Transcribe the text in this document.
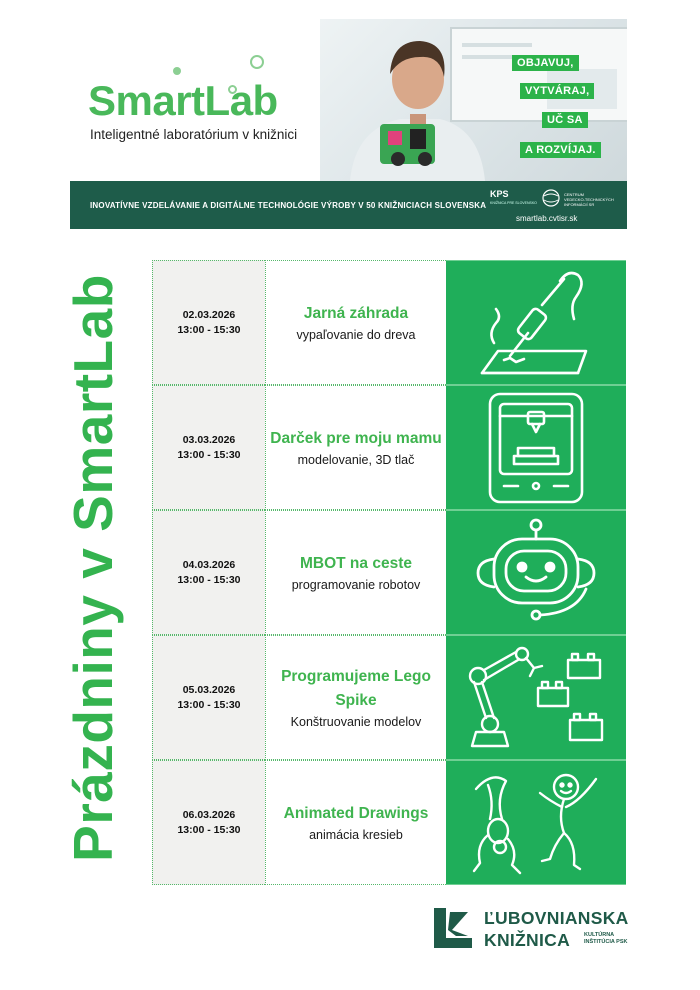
SmartLab
Inteligentné laboratórium v knižnici
OBJAVUJ,
VYTVÁRAJ,
UČ SA
A ROZVÍJAJ.
INOVATÍVNE VZDELÁVANIE A DIGITÁLNE TECHNOLÓGIE VÝROBY V 50 KNIŽNICIACH SLOVENSKA
KPS
KNIŽNICA PRE SLOVENSKO
CENTRUM
VEDECKO-TECHNICKÝCH
INFORMÁCIÍ SR
smartlab.cvtisr.sk
Prázdniny v SmartLab	02.03.2026
13:00 - 15:30
Jarná záhrada
vypaľovanie do dreva
03.03.2026
13:00 - 15:30
Darček pre moju mamu
modelovanie, 3D tlač
04.03.2026
13:00 - 15:30
MBOT na ceste
programovanie robotov
05.03.2026
13:00 - 15:30
Programujeme Lego Spike
Konštruovanie modelov
06.03.2026
13:00 - 15:30
Animated Drawings
animácia kresieb
ĽUBOVNIANSKA
KNIŽNICA	KULTÚRNA
INŠTITÚCIA PSK
